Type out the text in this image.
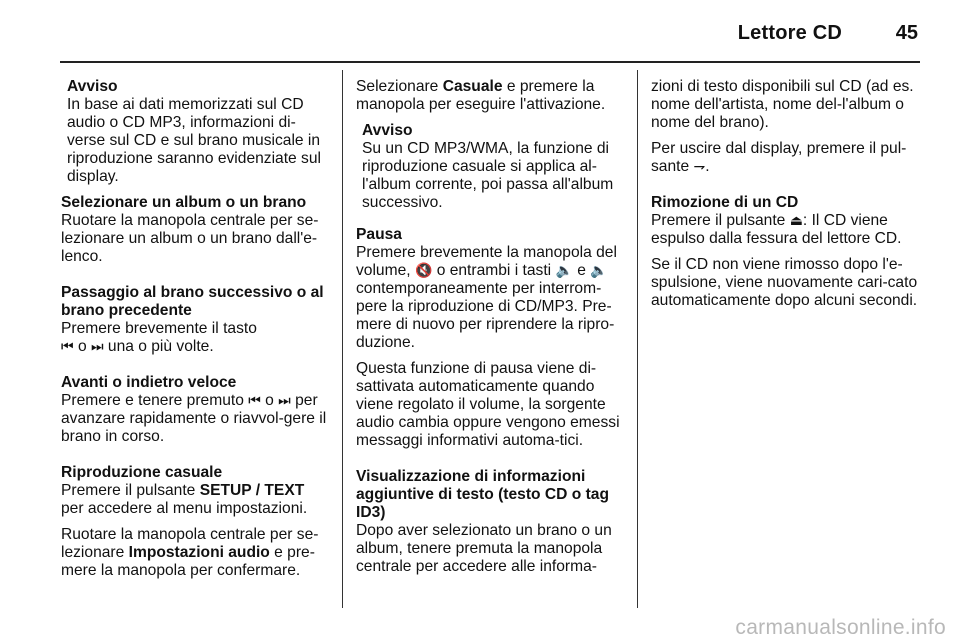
Lettore CD	45
Avviso
In base ai dati memorizzati sul CD audio o CD MP3, informazioni di-verse sul CD e sul brano musicale in riproduzione saranno evidenziate sul display.
Selezionare un album o un brano
Ruotare la manopola centrale per se-lezionare un album o un brano dall'e-lenco.
Passaggio al brano successivo o al brano precedente
Premere brevemente il tasto
⏮ o ⏭ una o più volte.
Avanti o indietro veloce
Premere e tenere premuto ⏮ o ⏭ per avanzare rapidamente o riavvol-gere il brano in corso.
Riproduzione casuale

Premere il pulsante SETUP / TEXT per accedere al menu impostazioni.

Ruotare la manopola centrale per se-lezionare Impostazioni audio e pre-mere la manopola per confermare.

Selezionare Casuale e premere la manopola per eseguire l'attivazione.

Avviso
Su un CD MP3/WMA, la funzione di riproduzione casuale si applica al-l'album corrente, poi passa all'album successivo.
Pausa

Premere brevemente la manopola del volume, 🔇 o entrambi i tasti 🔈 e 🔈 contemporaneamente per interrom-pere la riproduzione di CD/MP3. Pre-mere di nuovo per riprendere la ripro-duzione.

Questa funzione di pausa viene di-sattivata automaticamente quando viene regolato il volume, la sorgente audio cambia oppure vengono emessi messaggi informativi automa-tici.

Visualizzazione di informazioni aggiuntive di testo (testo CD o tag ID3)
Dopo aver selezionato un brano o un album, tenere premuta la manopola centrale per accedere alle informa-

zioni di testo disponibili sul CD (ad es. nome dell'artista, nome del-l'album o nome del brano).

Per uscire dal display, premere il pul-sante ⇁.

Rimozione di un CD

Premere il pulsante ⏏: Il CD viene espulso dalla fessura del lettore CD.

Se il CD non viene rimosso dopo l'e-spulsione, viene nuovamente cari-cato automaticamente dopo alcuni secondi.

carmanualsonline.info
